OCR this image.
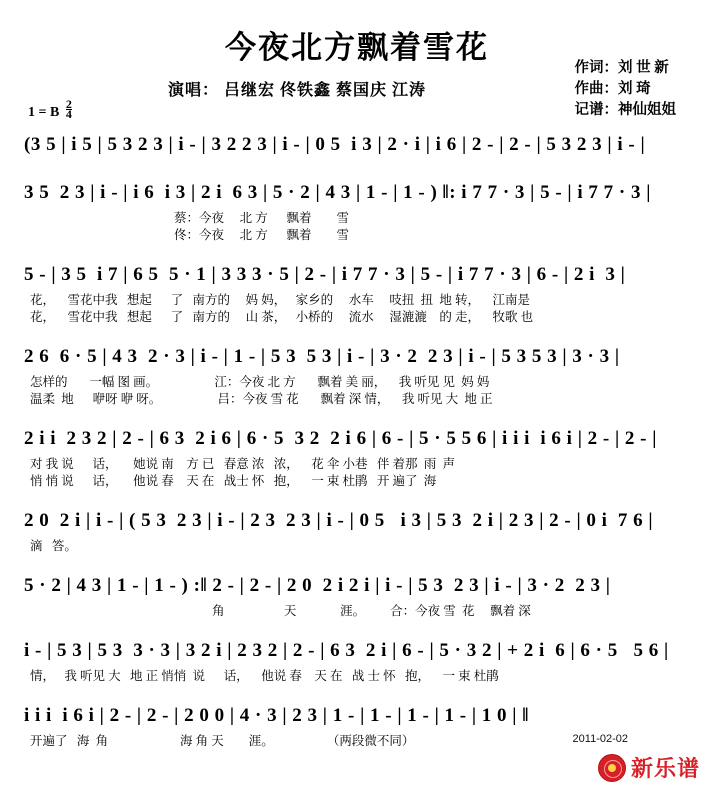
今夜北方飘着雪花
演唱： 吕继宏 佟铁鑫 蔡国庆 江涛
作词：刘 世 新
作曲：刘 琦
记谱：神仙姐姐
1 = B $\frac{2}{4}$
(3 5 | i 5 | 5 3 2 3 | i - | 3 2 2 3 | i - | 0 5  i 3 | 2 · i | i 6 | 2 - | 2 - | 5 3 2 3 | i - |
3 5  2 3 | i - | i 6  i 3 | 2 i  6 3 | 5 · 2 | 4 3 | 1 - | 1 - ) ‖: i 7 7 · 3 | 5 - | i 7 7 · 3 |
蔡：今夜     北 方      飘着        雪
佟：今夜     北 方      飘着        雪
5 - | 3 5  i 7 | 6 5  5 · 1 | 3 3 3 · 5 | 2 - | i 7 7 · 3 | 5 - | i 7 7 · 3 | 6 - | 2 i  3 |
花，    雪花中我   想起      了   南方的     妈 妈，   家乡的     水车     吱扭  扭  地 转，    江南是
花，    雪花中我   想起      了   南方的     山 茶，   小桥的     流水     湿漉漉    的 走，    牧歌 也
2 6  6 · 5 | 4 3  2 · 3 | i - | 1 - | 5 3  5 3 | i - | 3 · 2  2 3 | i - | 5 3 5 3 | 3 · 3 |
怎样的       一幅 图 画。                  江：今夜 北 方       飘着 美 丽，    我 听见 见  妈 妈
温柔  地      咿呀 咿 呀。                  吕：今夜 雪 花       飘着 深 情，    我 听见 大  地 正
2 i i  2 3 2 | 2 - | 6 3  2 i 6 | 6 · 5  3 2  2 i 6 | 6 - | 5 · 5 5 6 | i i i  i 6 i | 2 - | 2 - |
对 我 说      话，     她说 南    方 已   春意 浓   浓，    花 伞 小巷   伴 着那  雨  声
悄 悄 说      话，     他说 春    天 在   战士 怀   抱，    一 束 杜鹃   开 遍了  海
2 0  2 i | i - | ( 5 3  2 3 | i - | 2 3  2 3 | i - | 0 5   i 3 | 5 3  2 i | 2 3 | 2 - | 0 i  7 6 |
滴   答。
5 · 2 | 4 3 | 1 - | 1 - ) :‖ 2 - | 2 - | 2 0  2 i 2 i | i - | 5 3  2 3 | i - | 3 · 2  2 3 |
角                   天              涯。        合：今夜 雪  花     飘着 深
i - | 5 3 | 5 3  3 · 3 | 3 2 i | 2 3 2 | 2 - | 6 3  2 i | 6 - | 5 · 3 2 | + 2 i  6 | 6 · 5   5 6 |
情，   我 听见 大   地 正 悄悄  说      话，    他说 春    天 在   战 士 怀   抱，    一 束 杜鹃
i i i  i 6 i | 2 - | 2 - | 2 0 0 | 4 · 3 | 2 3 | 1 - | 1 - | 1 - | 1 - | 1 0 | ‖
开遍了   海  角                       海 角 天        涯。                 （两段微不同）	2011-02-02
新乐谱
